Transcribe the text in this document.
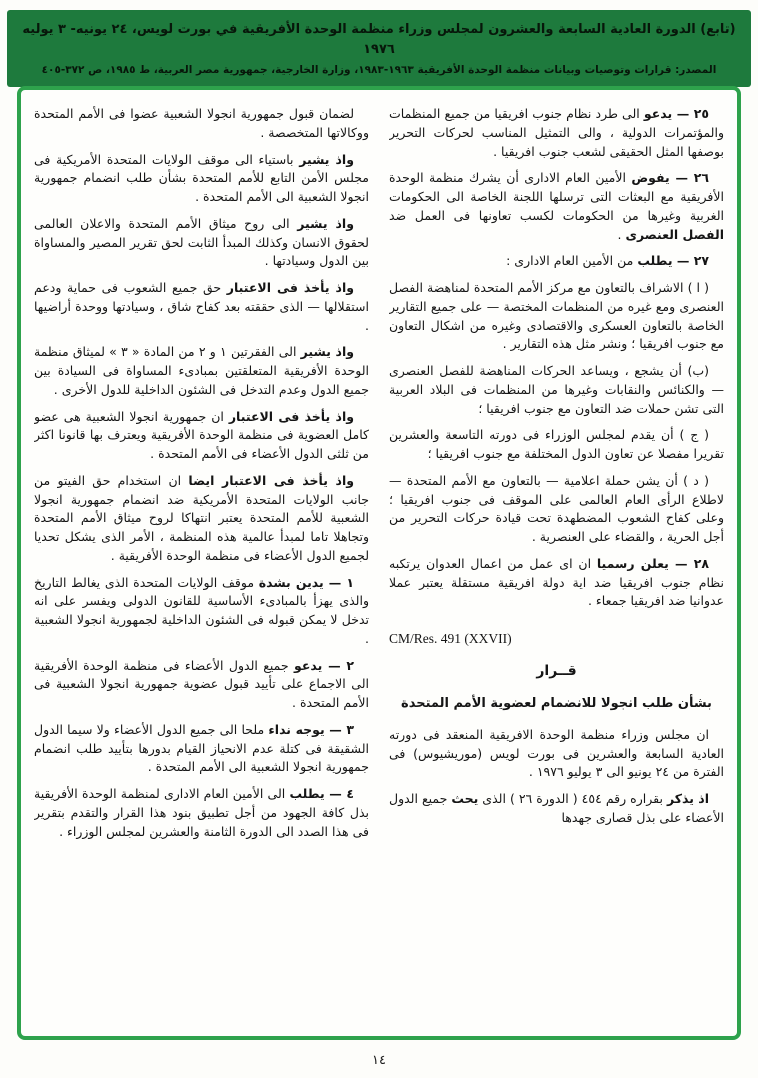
(تابع) الدورة العادية السابعة والعشرون لمجلس وزراء منظمة الوحدة الأفريقية في بورت لويس، ٢٤ يونيه- ٣ يوليه ١٩٧٦
المصدر: قرارات وتوصيات وبيانات منظمة الوحدة الأفريقية ١٩٦٣-١٩٨٣، وزارة الخارجية، جمهورية مصر العربية، ط ١٩٨٥، ص ٣٧٢-٤٠٥

٢٥ — يدعو الى طرد نظام جنوب افريقيا من جميع المنظمات والمؤتمرات الدولية ، والى التمثيل المناسب لحركات التحرير بوصفها المثل الحقيقى لشعب جنوب افريقيا .

٢٦ — يفوض الأمين العام الادارى أن يشرك منظمة الوحدة الأفريقية مع البعثات التى ترسلها اللجنة الخاصة الى الحكومات الغربية وغيرها من الحكومات لكسب تعاونها فى العمل ضد الفصل العنصرى .

٢٧ — يطلب من الأمين العام الادارى :

( ا ) الاشراف بالتعاون مع مركز الأمم المتحدة لمناهضة الفصل العنصرى ومع غيره من المنظمات المختصة — على جميع التقارير الخاصة بالتعاون العسكرى والاقتصادى وغيره من اشكال التعاون مع جنوب افريقيا ؛ ونشر مثل هذه التقارير .

(ب) أن يشجع ، ويساعد الحركات المناهضة للفصل العنصرى — والكنائس والنقابات وغيرها من المنظمات فى البلاد العربية التى تشن حملات ضد التعاون مع جنوب افريقيا ؛

( ج ) أن يقدم لمجلس الوزراء فى دورته التاسعة والعشرين تقريرا مفصلا عن تعاون الدول المختلفة مع جنوب افريقيا ؛

( د ) أن يشن حملة اعلامية — بالتعاون مع الأمم المتحدة — لاطلاع الرأى العام العالمى على الموقف فى جنوب افريقيا ؛ وعلى كفاح الشعوب المضطهدة تحت قيادة حركات التحرير من أجل الحرية ، والقضاء على العنصرية .

٢٨ — يعلن رسميا ان اى عمل من اعمال العدوان يرتكبه نظام جنوب افريقيا ضد اية دولة افريقية مستقلة يعتبر عملا عدوانيا ضد افريقيا جمعاء .

CM/Res. 491 (XXVII)

قــرار

بشأن طلب انجولا للانضمام لعضوية الأمم المتحدة

ان مجلس وزراء منظمة الوحدة الافريقية المنعقد فى دورته العادية السابعة والعشرين فى بورت لويس (موريشيوس) فى الفترة من ٢٤ يونيو الى ٣ يوليو ١٩٧٦ .

اذ يذكر بقراره رقم ٤٥٤ ( الدورة ٢٦ ) الذى يحث جميع الدول الأعضاء على بذل قصارى جهدها

لضمان قبول جمهورية انجولا الشعبية عضوا فى الأمم المتحدة ووكالاتها المتخصصة .

واذ يشير باستياء الى موقف الولايات المتحدة الأمريكية فى مجلس الأمن التابع للأمم المتحدة بشأن طلب انضمام جمهورية انجولا الشعبية الى الأمم المتحدة .

واذ يشير الى روح ميثاق الأمم المتحدة والاعلان العالمى لحقوق الانسان وكذلك المبدأ الثابت لحق تقرير المصير والمساواة بين الدول وسيادتها .

واذ يأخذ فى الاعتبار حق جميع الشعوب فى حماية ودعم استقلالها — الذى حققته بعد كفاح شاق ، وسيادتها ووحدة أراضيها .

واذ يشير الى الفقرتين ١ و ٢ من المادة « ٣ » لميثاق منظمة الوحدة الأفريقية المتعلقتين بمبادىء المساواة فى السيادة بين جميع الدول وعدم التدخل فى الشئون الداخلية للدول الأخرى .

واذ يأخذ فى الاعتبار ان جمهورية انجولا الشعبية هى عضو كامل العضوية فى منظمة الوحدة الأفريقية ويعترف بها قانونا اكثر من ثلثى الدول الأعضاء فى الأمم المتحدة .

واذ يأخذ فى الاعتبار ايضا ان استخدام حق الفيتو من جانب الولايات المتحدة الأمريكية ضد انضمام جمهورية انجولا الشعبية للأمم المتحدة يعتبر انتهاكا لروح ميثاق الأمم المتحدة وتجاهلا تاما لمبدأ عالمية هذه المنظمة ، الأمر الذى يشكل تحديا لجميع الدول الأعضاء فى منظمة الوحدة الأفريقية .

١ — يدين بشدة موقف الولايات المتحدة الذى يغالط التاريخ والذى يهزأ بالمبادىء الأساسية للقانون الدولى ويفسر على انه تدخل لا يمكن قبوله فى الشئون الداخلية لجمهورية انجولا الشعبية .

٢ — يدعو جميع الدول الأعضاء فى منظمة الوحدة الأفريقية الى الاجماع على تأييد قبول عضوية جمهورية انجولا الشعبية فى الأمم المتحدة .

٣ — يوجه نداء ملحا الى جميع الدول الأعضاء ولا سيما الدول الشقيقة فى كتلة عدم الانحياز القيام بدورها بتأييد طلب انضمام جمهورية انجولا الشعبية الى الأمم المتحدة .

٤ — يطلب الى الأمين العام الادارى لمنظمة الوحدة الأفريقية بذل كافة الجهود من أجل تطبيق بنود هذا القرار والتقدم بتقرير فى هذا الصدد الى الدورة الثامنة والعشرين لمجلس الوزراء .

١٤
